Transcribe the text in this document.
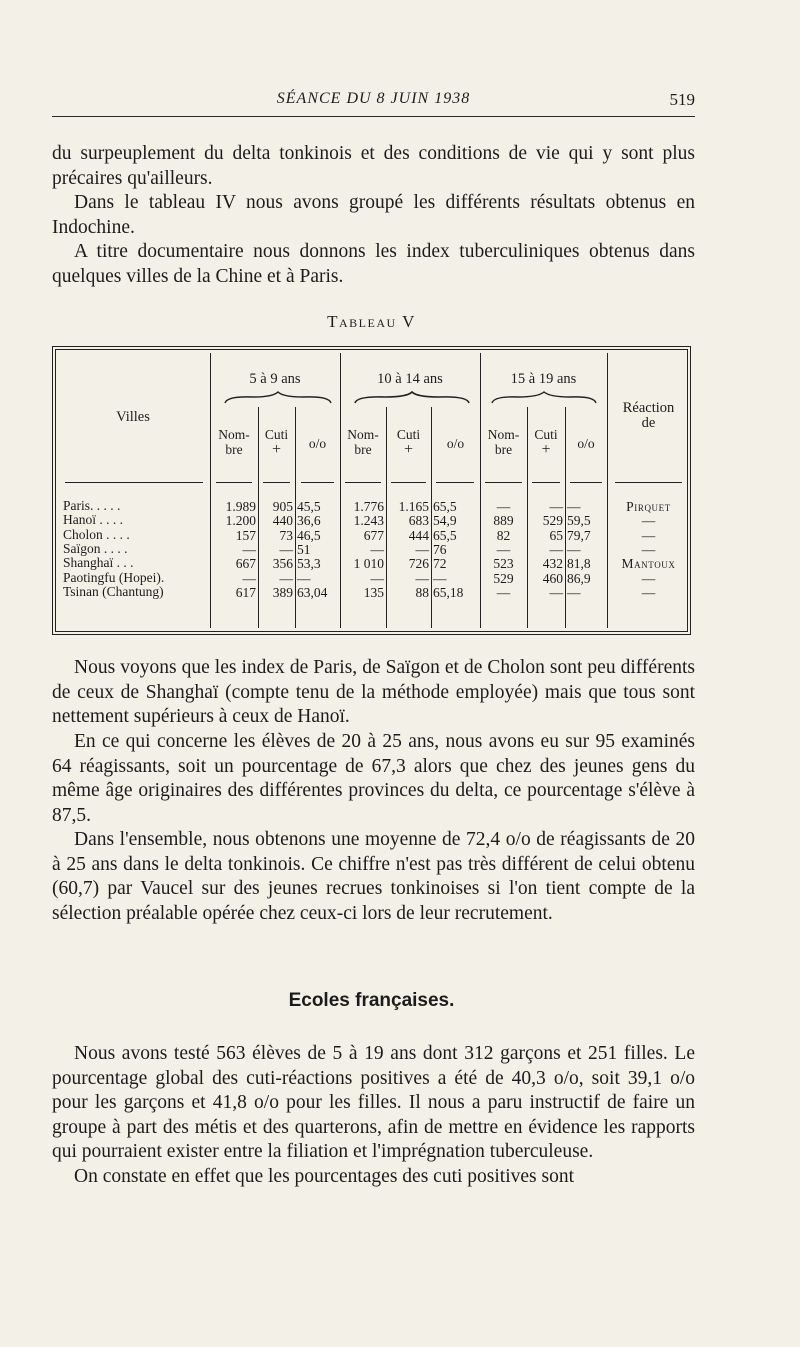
SÉANCE DU 8 JUIN 1938	519

du surpeuplement du delta tonkinois et des conditions de vie qui y sont plus précaires qu'ailleurs.

Dans le tableau IV nous avons groupé les différents résultats obtenus en Indochine.

A titre documentaire nous donnons les index tuberculiniques obtenus dans quelques villes de la Chine et à Paris.

Tableau V
Villes
5 à 9 ans	10 à 14 ans	15 à 19 ans
Nom-
bre
Cuti
+	o/o
Nom-
bre
Cuti
+	o/o
Nom-
bre
Cuti
+	o/o
Réaction
de
Paris. . . . .	1.989	905 45,5	1.776	1.165 65,5	—	— —	Pirquet
Hanoï . . . .	1.200	440 36,6	1.243	683 54,9	889	529 59,5	—
Cholon . . . .	157	73 46,5	677	444 65,5	82	65 79,7	—
Saïgon . . . .	—	— 51	—	— 76	—	— —	—
Shanghaï . . .	667	356 53,3	1 010	726 72	523	432 81,8	Mantoux
Paotingfu (Hopei).	—	— —	—	— —	529	460 86,9	—
Tsinan (Chantung)	617	389 63,04	135	88 65,18	—	— —	—

Nous voyons que les index de Paris, de Saïgon et de Cholon sont peu différents de ceux de Shanghaï (compte tenu de la méthode employée) mais que tous sont nettement supérieurs à ceux de Hanoï.

En ce qui concerne les élèves de 20 à 25 ans, nous avons eu sur 95 examinés 64 réagissants, soit un pourcentage de 67,3 alors que chez des jeunes gens du même âge originaires des différentes provinces du delta, ce pourcentage s'élève à 87,5.

Dans l'ensemble, nous obtenons une moyenne de 72,4 o/o de réagissants de 20 à 25 ans dans le delta tonkinois. Ce chiffre n'est pas très différent de celui obtenu (60,7) par Vaucel sur des jeunes recrues tonkinoises si l'on tient compte de la sélection préalable opérée chez ceux-ci lors de leur recrutement.

Ecoles françaises.

Nous avons testé 563 élèves de 5 à 19 ans dont 312 garçons et 251 filles. Le pourcentage global des cuti-réactions positives a été de 40,3 o/o, soit 39,1 o/o pour les garçons et 41,8 o/o pour les filles. Il nous a paru instructif de faire un groupe à part des métis et des quarterons, afin de mettre en évidence les rapports qui pourraient exister entre la filiation et l'imprégnation tuberculeuse.

On constate en effet que les pourcentages des cuti positives sont
